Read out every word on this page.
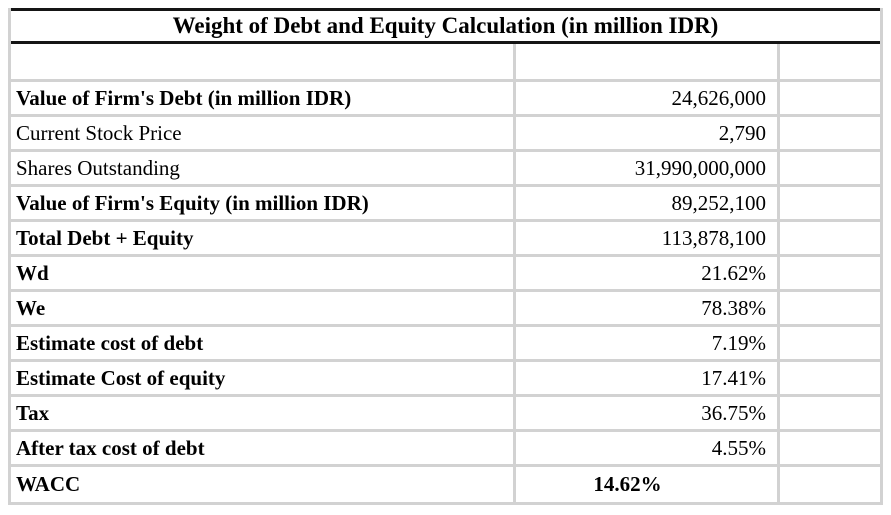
Weight of Debt and Equity Calculation (in million IDR)
Value of Firm's Debt (in million IDR)	24,626,000
Current Stock Price	2,790
Shares Outstanding	31,990,000,000
Value of Firm's Equity (in million IDR)	89,252,100
Total Debt + Equity	113,878,100
Wd	21.62%
We	78.38%
Estimate cost of debt	7.19%
Estimate Cost of equity	17.41%
Tax	36.75%
After tax cost of debt	4.55%
WACC	14.62%
